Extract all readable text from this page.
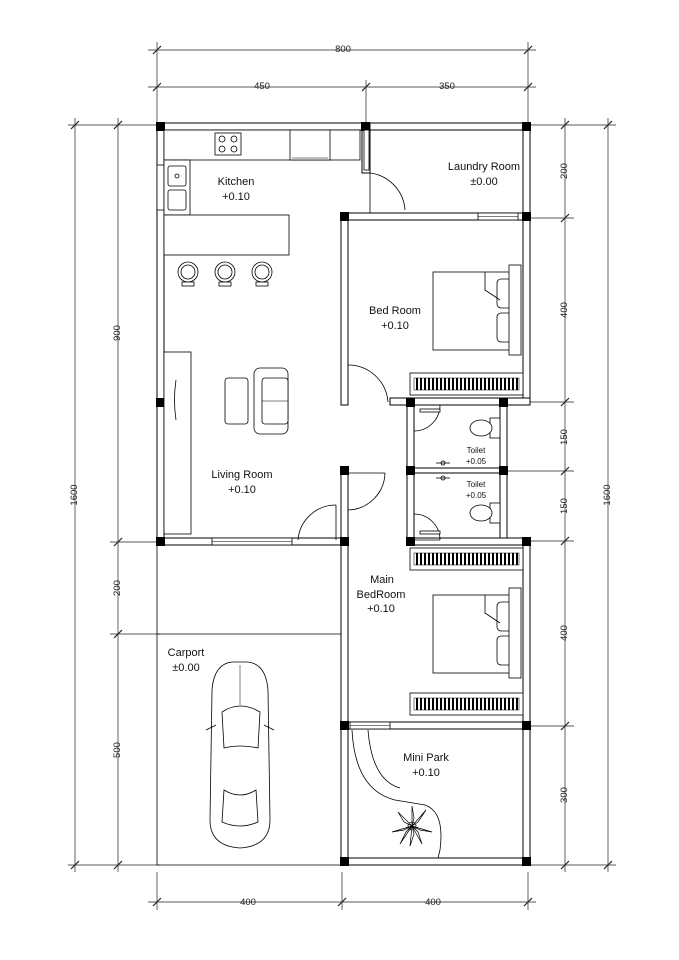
800
450	350
1600
900
200
500
1600
200
400
150
150
400
300
400	400
Kitchen
+0.10
Laundry Room
±0.00
Bed Room
+0.10
Living Room
+0.10
Toilet
+0.05
Toilet
+0.05
Main
BedRoom
+0.10
Carport
±0.00
Mini Park
+0.10
